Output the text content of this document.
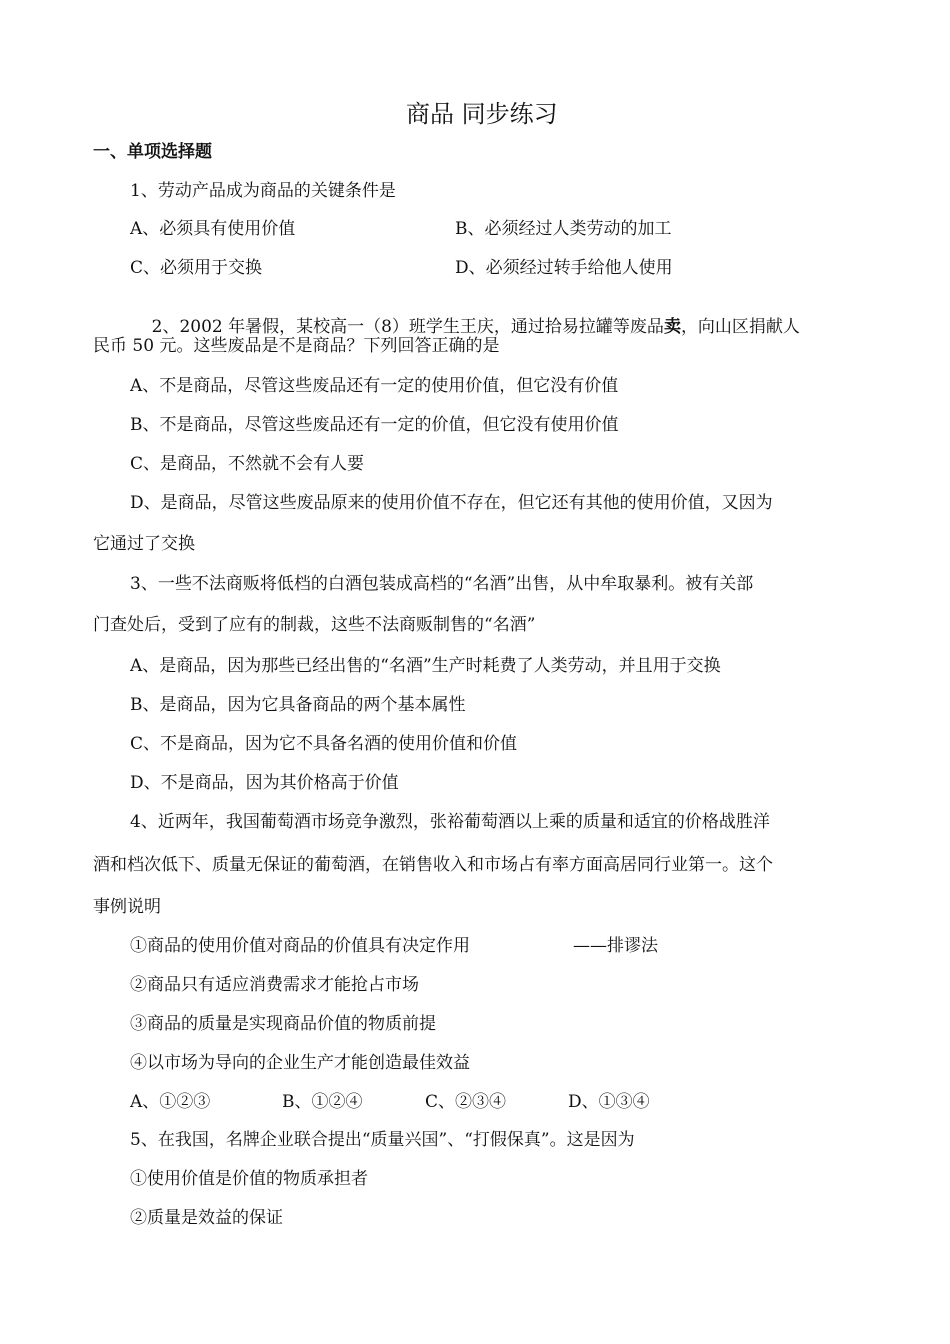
商品 同步练习
一、单项选择题
1、劳动产品成为商品的关键条件是
A、必须具有使用价值	B、必须经过人类劳动的加工
C、必须用于交换	D、必须经过转手给他人使用

2、2002 年暑假，某校高一（8）班学生王庆，通过拾易拉罐等废品卖，向山区捐献人

民币 50 元。这些废品是不是商品？下列回答正确的是
A、不是商品，尽管这些废品还有一定的使用价值，但它没有价值
B、不是商品，尽管这些废品还有一定的价值，但它没有使用价值
C、是商品，不然就不会有人要
D、是商品，尽管这些废品原来的使用价值不存在，但它还有其他的使用价值，又因为
它通过了交换
3、一些不法商贩将低档的白酒包装成高档的“名酒”出售，从中牟取暴利。被有关部
门查处后，受到了应有的制裁，这些不法商贩制售的“名酒”
A、是商品，因为那些已经出售的“名酒”生产时耗费了人类劳动，并且用于交换
B、是商品，因为它具备商品的两个基本属性
C、不是商品，因为它不具备名酒的使用价值和价值
D、不是商品，因为其价格高于价值
4、近两年，我国葡萄酒市场竞争激烈，张裕葡萄酒以上乘的质量和适宜的价格战胜洋
酒和档次低下、质量无保证的葡萄酒，在销售收入和市场占有率方面高居同行业第一。这个
事例说明
①商品的使用价值对商品的价值具有决定作用	——排谬法
②商品只有适应消费需求才能抢占市场
③商品的质量是实现商品价值的物质前提
④以市场为导向的企业生产才能创造最佳效益
A、①②③	B、①②④	C、②③④	D、①③④
5、在我国，名牌企业联合提出“质量兴国”、“打假保真”。这是因为
①使用价值是价值的物质承担者
②质量是效益的保证
